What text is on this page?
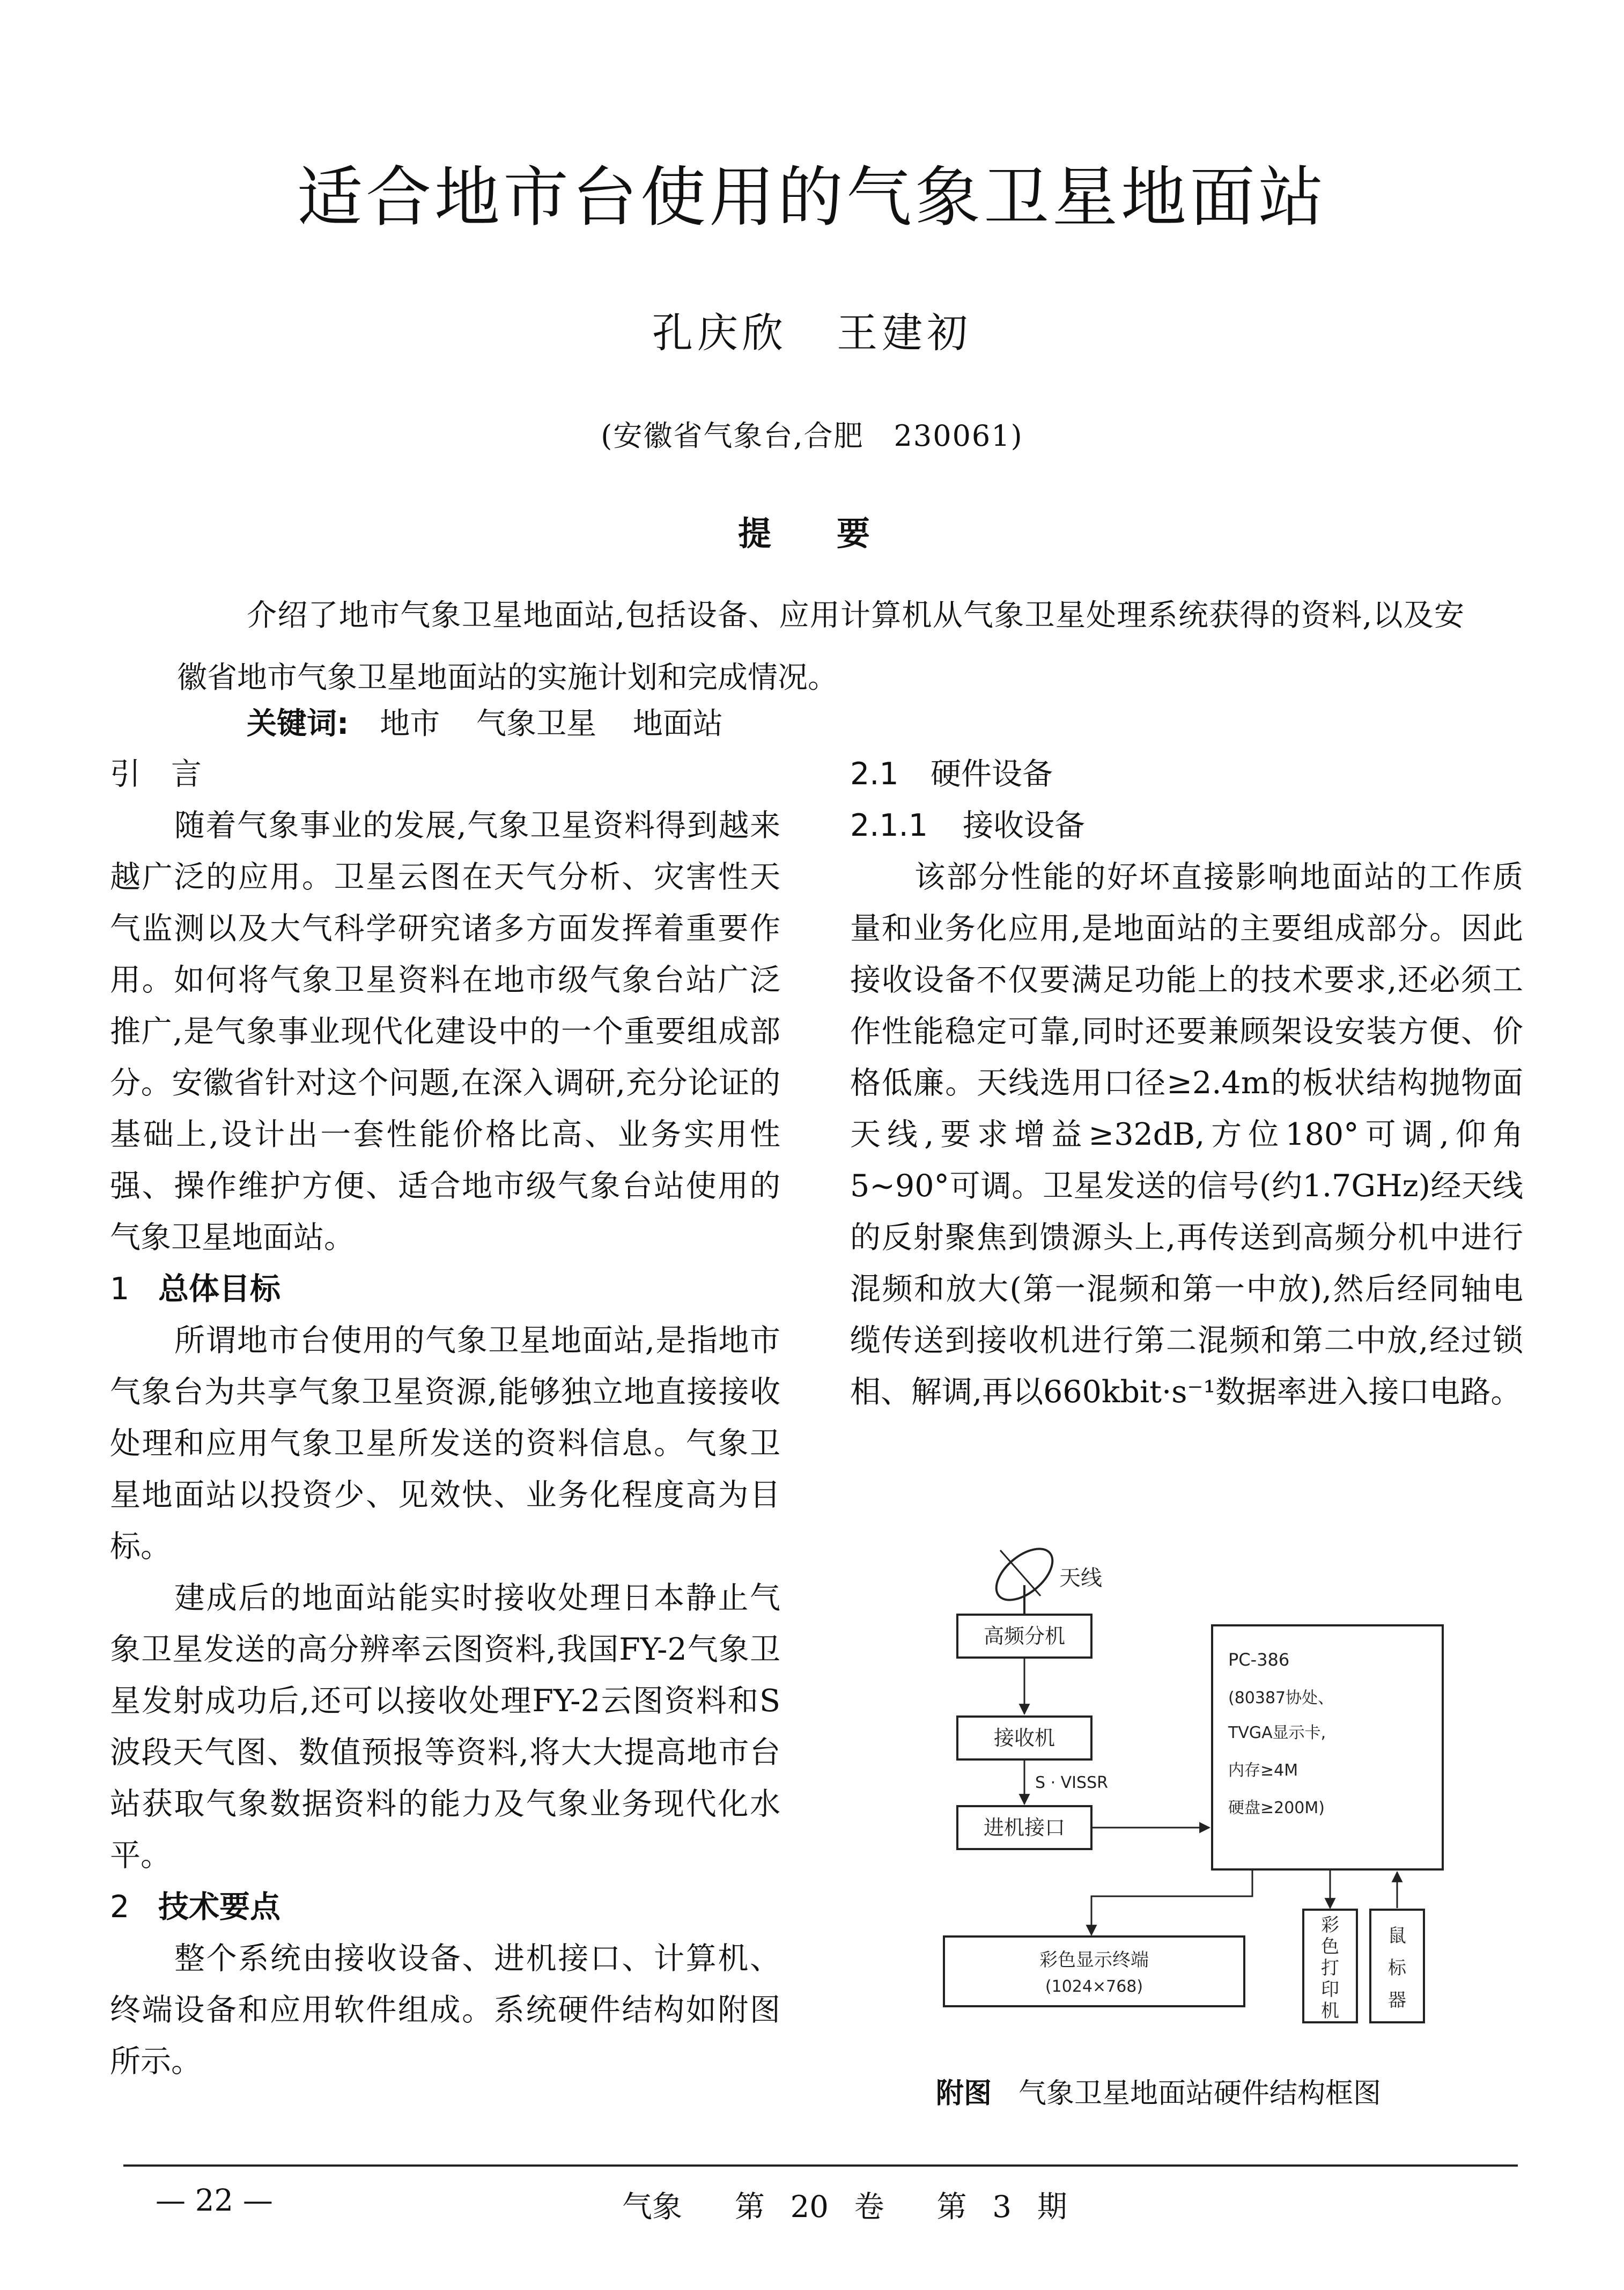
适合地市台使用的气象卫星地面站
孔庆欣 王建初
(安徽省气象台,合肥　230061)
提　要
介绍了地市气象卫星地面站,包括设备、应用计算机从气象卫星处理系统获得的资料,以及安徽省地市气象卫星地面站的实施计划和完成情况。
关键词: 地市 气象卫星 地面站
引　言

随着气象事业的发展,气象卫星资料得到越来越广泛的应用。卫星云图在天气分析、灾害性天气监测以及大气科学研究诸多方面发挥着重要作用。如何将气象卫星资料在地市级气象台站广泛推广,是气象事业现代化建设中的一个重要组成部分。安徽省针对这个问题,在深入调研,充分论证的基础上,设计出一套性能价格比高、业务实用性强、操作维护方便、适合地市级气象台站使用的气象卫星地面站。

1 总体目标

所谓地市台使用的气象卫星地面站,是指地市气象台为共享气象卫星资源,能够独立地直接接收处理和应用气象卫星所发送的资料信息。气象卫星地面站以投资少、见效快、业务化程度高为目标。

建成后的地面站能实时接收处理日本静止气象卫星发送的高分辨率云图资料,我国FY-2气象卫星发射成功后,还可以接收处理FY-2云图资料和S波段天气图、数值预报等资料,将大大提高地市台站获取气象数据资料的能力及气象业务现代化水平。

2 技术要点

整个系统由接收设备、进机接口、计算机、终端设备和应用软件组成。系统硬件结构如附图所示。

2.1 硬件设备
2.1.1 接收设备

该部分性能的好坏直接影响地面站的工作质量和业务化应用,是地面站的主要组成部分。因此接收设备不仅要满足功能上的技术要求,还必须工作性能稳定可靠,同时还要兼顾架设安装方便、价格低廉。天线选用口径≥2.4m的板状结构抛物面天线,要求增益≥32dB,方位180°可调,仰角5~90°可调。卫星发送的信号(约1.7GHz)经天线的反射聚焦到馈源头上,再传送到高频分机中进行混频和放大(第一混频和第一中放),然后经同轴电缆传送到接收机进行第二混频和第二中放,经过锁相、解调,再以660kbit·s⁻¹数据率进入接口电路。

天线
高频分机
接收机
S · VISSR
进机接口
PC-386
(80387协处、
TVGA显示卡,
内存≥4M
硬盘≥200M)
彩色显示终端
(1024×768)
彩
色
打
印
机
鼠
标
器
附图 气象卫星地面站硬件结构框图
— 22 —	气象 第 20 卷 第 3 期
